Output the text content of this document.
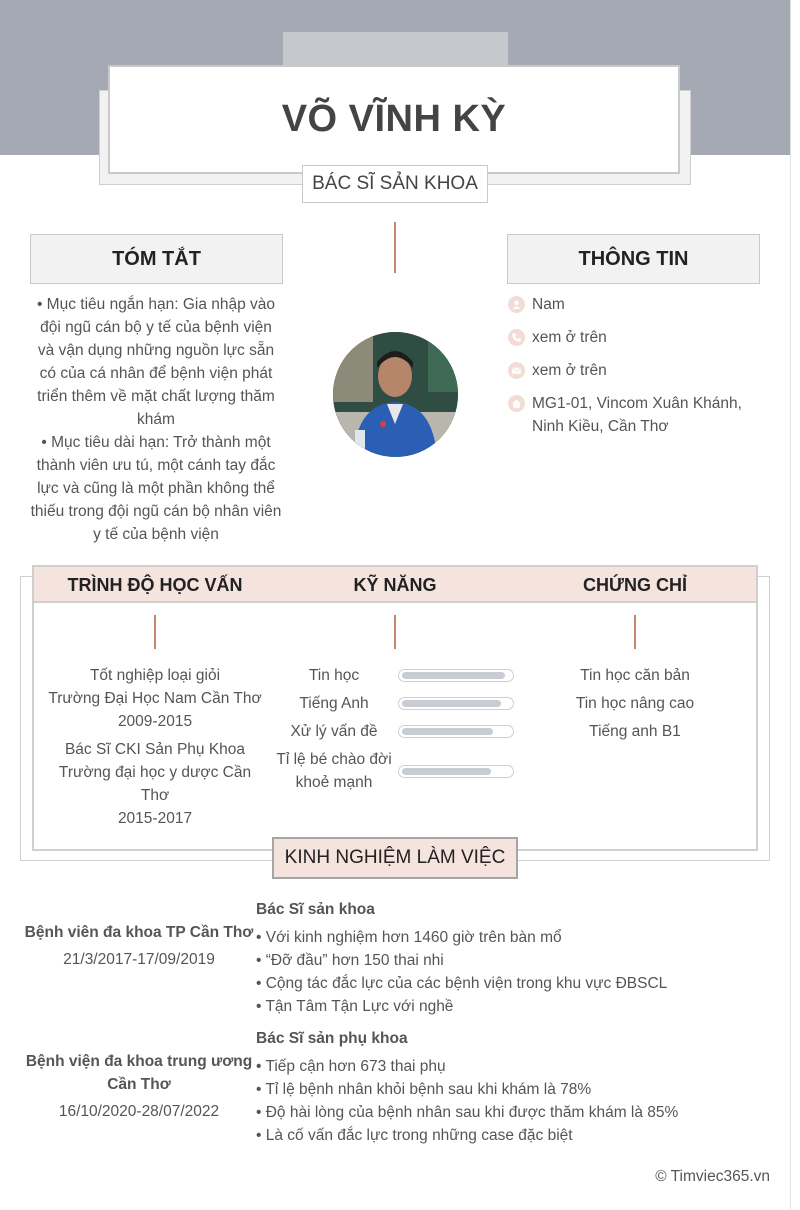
VÕ VĨNH KỲ
BÁC SĨ SẢN KHOA
TÓM TẮT

• Mục tiêu ngắn hạn: Gia nhập vào đội ngũ cán bộ y tế của bệnh viện và vận dụng những nguồn lực sẵn có của cá nhân để bệnh viện phát triển thêm về mặt chất lượng thăm khám

• Mục tiêu dài hạn: Trở thành một thành viên ưu tú, một cánh tay đắc lực và cũng là một phần không thể thiếu trong đội ngũ cán bộ nhân viên y tế của bệnh viện

THÔNG TIN
Nam
xem ở trên
xem ở trên
MG1-01, Vincom Xuân Khánh, Ninh Kiều, Cần Thơ
TRÌNH ĐỘ HỌC VẤN	KỸ NĂNG	CHỨNG CHỈ
Tốt nghiệp loại giỏi
Trường Đại Học Nam Cần Thơ
2009-2015
Bác Sĩ CKI Sản Phụ Khoa
Trường đại học y dược Cần Thơ
2015-2017
Tin học
Tiếng Anh
Xử lý vấn đề
Tỉ lệ bé chào đời khoẻ mạnh
Tin học căn bản
Tin học nâng cao
Tiếng anh B1
KINH NGHIỆM LÀM VIỆC
Bệnh viên đa khoa TP Cần Thơ
21/3/2017-17/09/2019
Bác Sĩ sản khoa
• Với kinh nghiệm hơn 1460 giờ trên bàn mổ
• “Đỡ đầu” hơn 150 thai nhi
• Cộng tác đắc lực của các bệnh viện trong khu vực ĐBSCL
• Tận Tâm Tận Lực với nghề
Bệnh viện đa khoa trung ương Cần Thơ
16/10/2020-28/07/2022
Bác Sĩ sản phụ khoa
• Tiếp cận hơn 673 thai phụ
• Tỉ lệ bệnh nhân khỏi bệnh sau khi khám là 78%
• Độ hài lòng của bệnh nhân sau khi được thăm khám là 85%
• Là cố vấn đắc lực trong những case đặc biệt
© Timviec365.vn
